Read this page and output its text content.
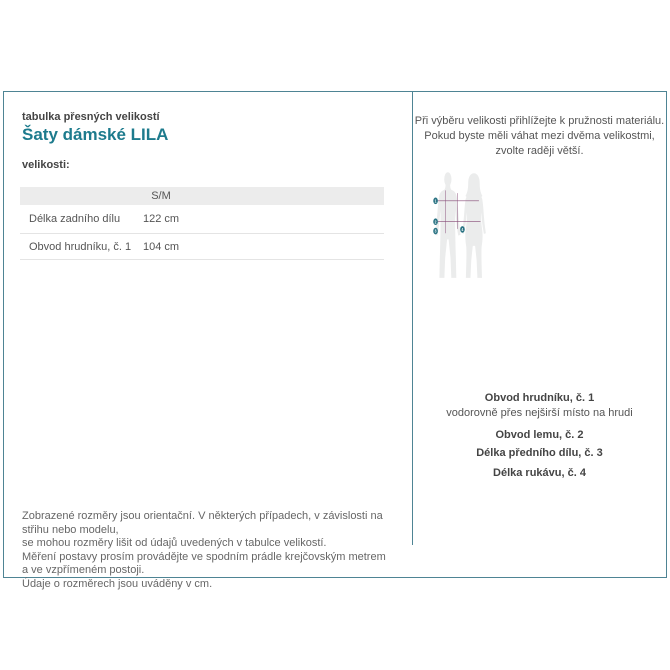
tabulka přesných velikostí
Šaty dámské LILA
velikosti:
S/M
Délka zadního dílu	122 cm
Obvod hrudníku, č. 1	104 cm
Zobrazené rozměry jsou orientační. V některých případech, v závislosti na střihu nebo modelu,
se mohou rozměry lišit od údajů uvedených v tabulce velikostí.
Měření postavy prosím provádějte ve spodním prádle krejčovským metrem a ve vzpřímeném postoji.
Údaje o rozměrech jsou uváděny v cm.
Při výběru velikosti přihlížejte k pružnosti materiálu.
Pokud byste měli váhat mezi dvěma velikostmi,
zvolte raději větší.
1
2
3	4
Obvod hrudníku, č. 1
vodorovně přes nejširší místo na hrudi
Obvod lemu, č. 2
Délka předního dílu, č. 3
Délka rukávu, č. 4
